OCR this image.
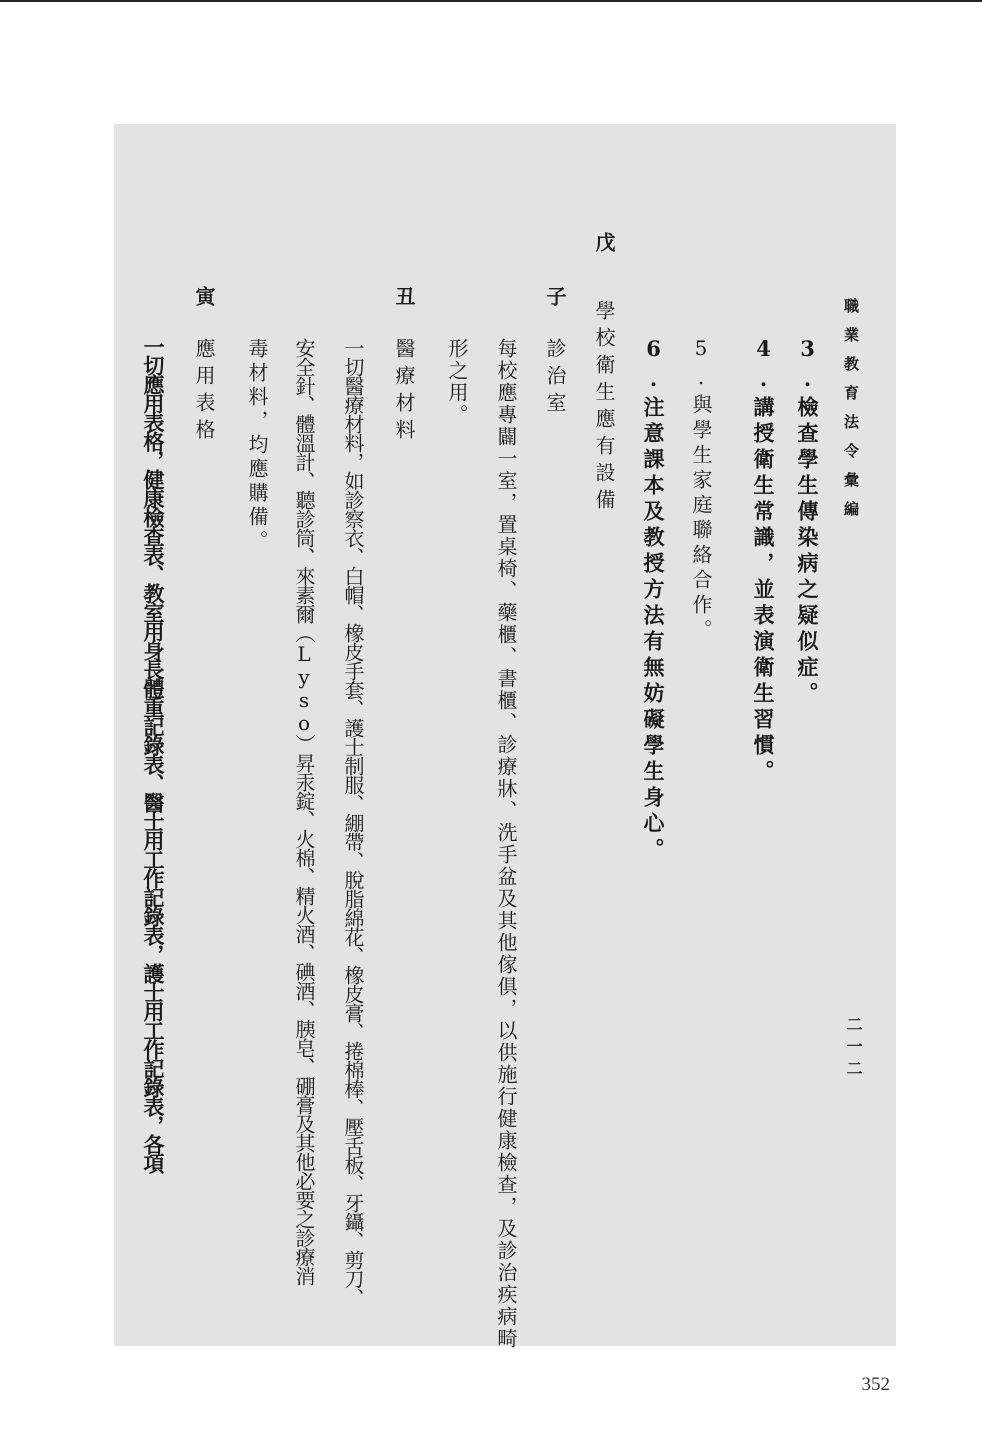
職業教育法令彙編
二一二
3.檢查學生傳染病之疑似症。
4.講授衛生常識，並表演衛生習慣。
5.與學生家庭聯絡合作。
6.注意課本及教授方法有無妨礙學生身心。
戊
學校衛生應有設備
子
診治室
每校應專闢一室，置桌椅、藥櫃、書櫃、診療牀、洗手盆及其他傢俱，以供施行健康檢查，及診治疾病畸
形之用。
丑
醫療材料
一切醫療材料，如診察衣、白帽、橡皮手套、護士制服、綳帶、脫脂綿花、橡皮膏、捲棉棒、壓舌板、牙鑷、剪刀、
安全針、體溫計、聽診筒、來素爾（Lyso）昇汞錠、火棉、精火酒、碘酒、胰皂、硼膏及其他必要之診療消
毒材料，均應購備。
寅
應用表格
一切應用表格，健康檢查表、教室用身長體重記錄表、醫士用工作記錄表，護士用工作記錄表，各項
352
